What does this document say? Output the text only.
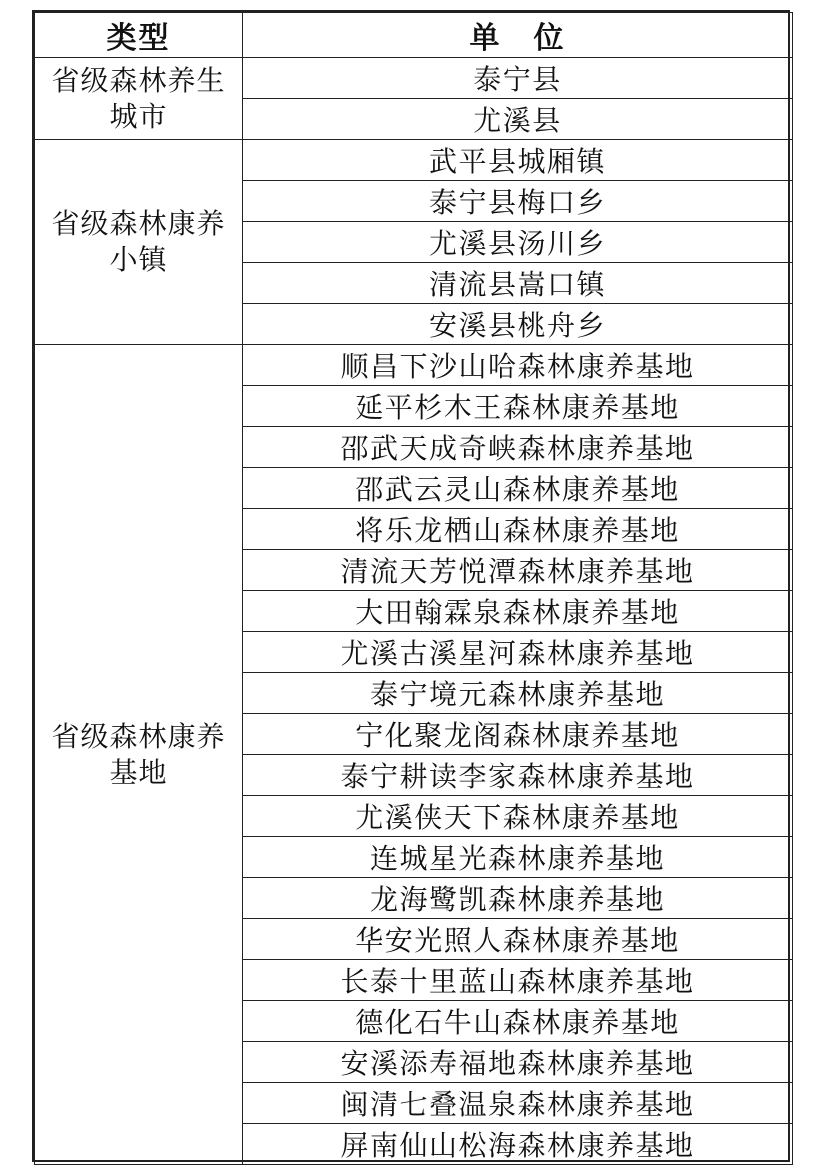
类型	单　位
省级森林养生城市	泰宁县
	尤溪县
省级森林康养小镇	武平县城厢镇
	泰宁县梅口乡
	尤溪县汤川乡
	清流县嵩口镇
	安溪县桃舟乡
省级森林康养基地	顺昌下沙山哈森林康养基地
	延平杉木王森林康养基地
	邵武天成奇峡森林康养基地
	邵武云灵山森林康养基地
	将乐龙栖山森林康养基地
	清流天芳悦潭森林康养基地
	大田翰霖泉森林康养基地
	尤溪古溪星河森林康养基地
	泰宁境元森林康养基地
	宁化聚龙阁森林康养基地
	泰宁耕读李家森林康养基地
	尤溪侠天下森林康养基地
	连城星光森林康养基地
	龙海鹭凯森林康养基地
	华安光照人森林康养基地
	长泰十里蓝山森林康养基地
	德化石牛山森林康养基地
	安溪添寿福地森林康养基地
	闽清七叠温泉森林康养基地
	屏南仙山松海森林康养基地
